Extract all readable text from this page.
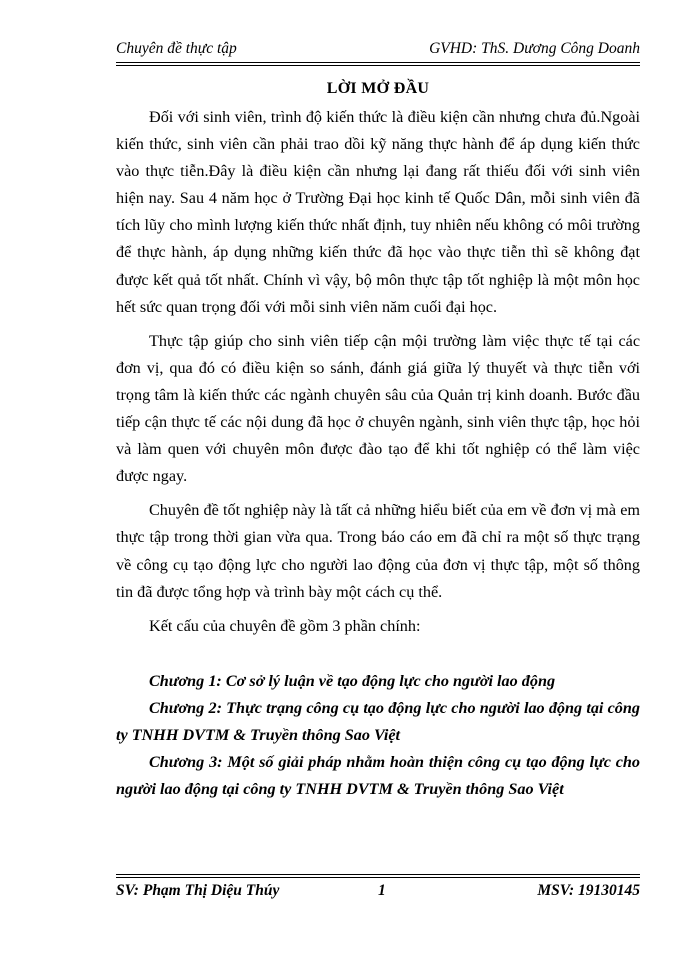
Chuyên đề thực tập	GVHD: ThS. Dương Công Doanh
LỜI MỞ ĐẦU

Đối với sinh viên, trình độ kiến thức là điều kiện cần nhưng chưa đủ.Ngoài kiến thức, sinh viên cần phải trao dồi kỹ năng thực hành để áp dụng kiến thức vào thực tiễn.Đây là điều kiện cần nhưng lại đang rất thiếu đối với sinh viên hiện nay. Sau 4 năm học ở Trường Đại học kinh tế Quốc Dân, mỗi sinh viên đã tích lũy cho mình lượng kiến thức nhất định, tuy nhiên nếu không có môi trường để thực hành, áp dụng những kiến thức đã học vào thực tiễn thì sẽ không đạt được kết quả tốt nhất. Chính vì vậy, bộ môn thực tập tốt nghiệp là một môn học hết sức quan trọng đối với mỗi sinh viên năm cuối đại học.

Thực tập giúp cho sinh viên tiếp cận mội trường làm việc thực tế tại các đơn vị, qua đó có điều kiện so sánh, đánh giá giữa lý thuyết và thực tiễn với trọng tâm là kiến thức các ngành chuyên sâu của Quản trị kinh doanh. Bước đầu tiếp cận thực tế các nội dung đã học ở chuyên ngành, sinh viên thực tập, học hỏi và làm quen với chuyên môn được đào tạo để khi tốt nghiệp có thể làm việc được ngay.

Chuyên đề tốt nghiệp này là tất cả những hiểu biết của em về đơn vị mà em thực tập trong thời gian vừa qua. Trong báo cáo em đã chỉ ra một số thực trạng về công cụ tạo động lực cho người lao động của đơn vị thực tập, một số thông tin đã được tổng hợp và trình bày một cách cụ thể.

Kết cấu của chuyên đề gồm 3 phần chính:

Chương 1: Cơ sở lý luận về tạo động lực cho người lao động

Chương 2: Thực trạng công cụ tạo động lực cho người lao động tại công ty TNHH DVTM & Truyền thông Sao Việt

Chương 3: Một số giải pháp nhằm hoàn thiện công cụ tạo động lực cho người lao động tại công ty TNHH DVTM & Truyền thông Sao Việt

SV: Phạm Thị Diệu Thúy	1	MSV: 19130145
